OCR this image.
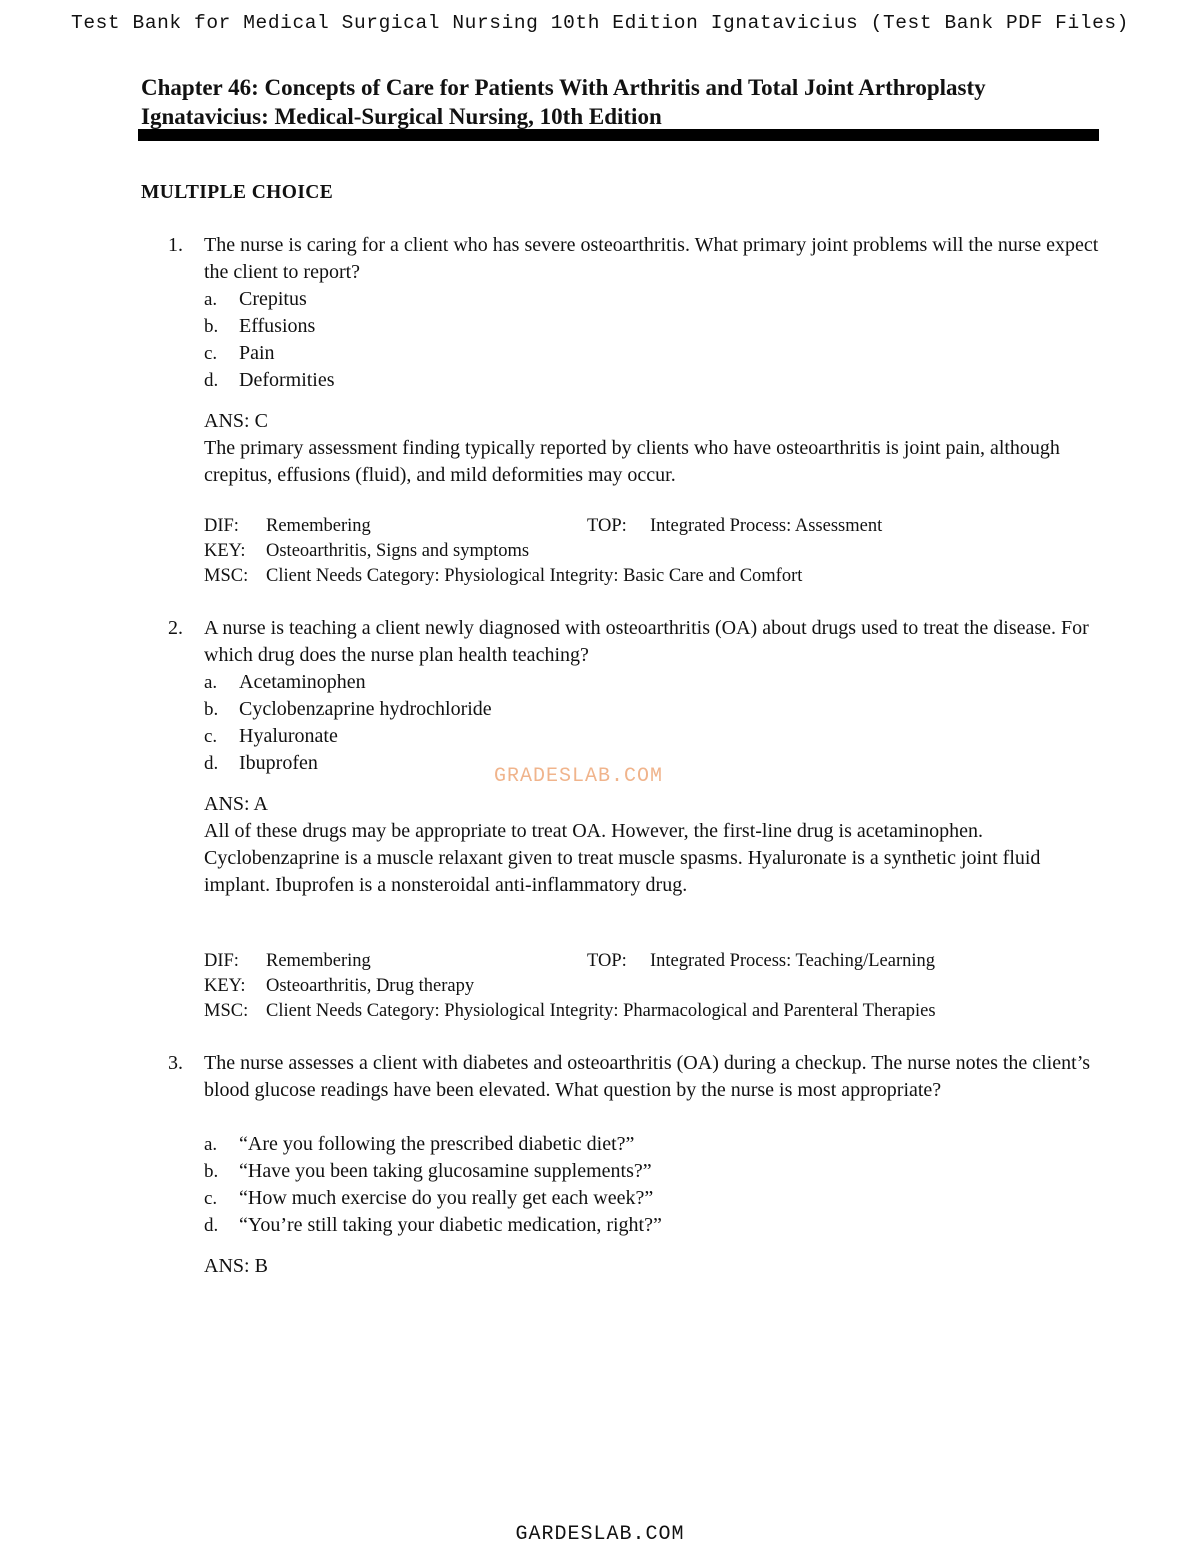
Test Bank for Medical Surgical Nursing 10th Edition Ignatavicius (Test Bank PDF Files)
Chapter 46: Concepts of Care for Patients With Arthritis and Total Joint Arthroplasty
Ignatavicius: Medical-Surgical Nursing, 10th Edition
MULTIPLE CHOICE
1.	The nurse is caring for a client who has severe osteoarthritis. What primary joint problems will the nurse expect the client to report?
a.	Crepitus
b.	Effusions
c.	Pain
d.	Deformities
ANS: C
The primary assessment finding typically reported by clients who have osteoarthritis is joint pain, although crepitus, effusions (fluid), and mild deformities may occur.
DIF: Remembering	TOP: Integrated Process: Assessment
KEY: Osteoarthritis, Signs and symptoms
MSC: Client Needs Category: Physiological Integrity: Basic Care and Comfort
2.	A nurse is teaching a client newly diagnosed with osteoarthritis (OA) about drugs used to treat the disease. For which drug does the nurse plan health teaching?
a.	Acetaminophen
b.	Cyclobenzaprine hydrochloride
c.	Hyaluronate
d.	Ibuprofen
ANS: A
All of these drugs may be appropriate to treat OA. However, the first-line drug is acetaminophen. Cyclobenzaprine is a muscle relaxant given to treat muscle spasms. Hyaluronate is a synthetic joint fluid implant. Ibuprofen is a nonsteroidal anti-inflammatory drug.
DIF: Remembering	TOP: Integrated Process: Teaching/Learning
KEY: Osteoarthritis, Drug therapy
MSC: Client Needs Category: Physiological Integrity: Pharmacological and Parenteral Therapies
GRADESLAB.COM
3.	The nurse assesses a client with diabetes and osteoarthritis (OA) during a checkup. The nurse notes the client’s blood glucose readings have been elevated. What question by the nurse is most appropriate?
a.	“Are you following the prescribed diabetic diet?”
b.	“Have you been taking glucosamine supplements?”
c.	“How much exercise do you really get each week?”
d.	“You’re still taking your diabetic medication, right?”
ANS: B
GARDESLAB.COM
